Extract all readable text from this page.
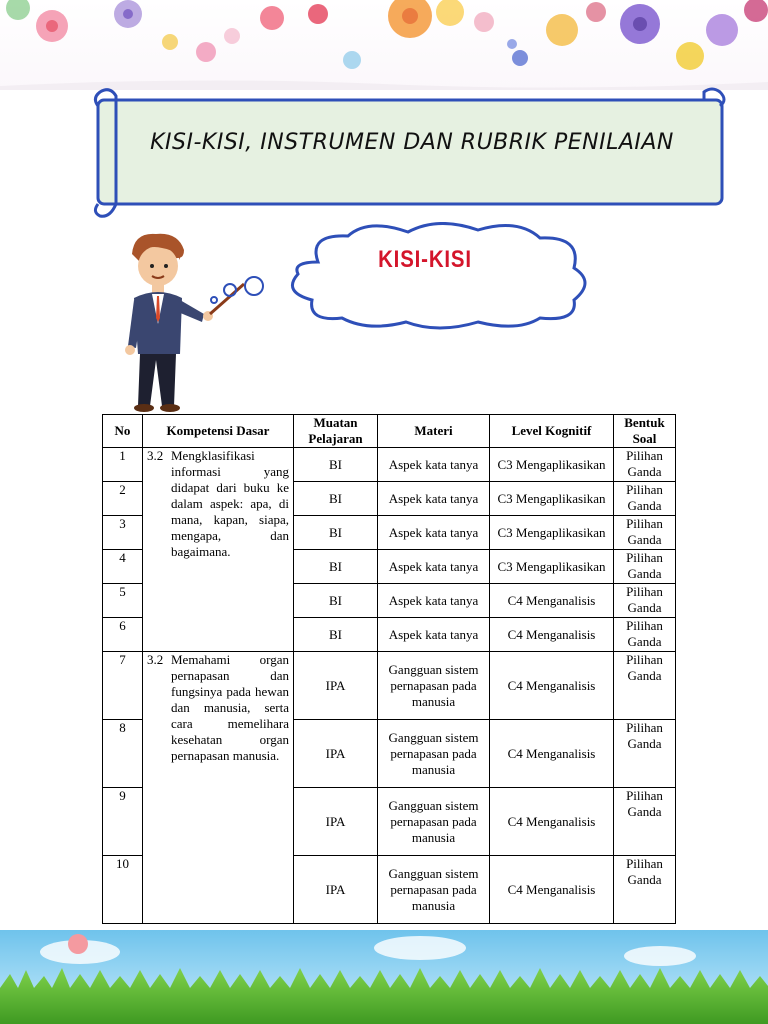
KISI-KISI, INSTRUMEN DAN RUBRIK PENILAIAN
KISI-KISI
No	Kompetensi Dasar	Muatan Pelajaran	Materi	Level Kognitif	Bentuk Soal
1	3.2 Mengklasifikasi informasi yang didapat dari buku ke dalam aspek: apa, di mana, kapan, siapa, mengapa, dan bagaimana.	BI	Aspek kata tanya	C3 Mengaplikasikan	Pilihan Ganda
2		BI	Aspek kata tanya	C3 Mengaplikasikan	Pilihan Ganda
3		BI	Aspek kata tanya	C3 Mengaplikasikan	Pilihan Ganda
4		BI	Aspek kata tanya	C3 Mengaplikasikan	Pilihan Ganda
5		BI	Aspek kata tanya	C4 Menganalisis	Pilihan Ganda
6		BI	Aspek kata tanya	C4 Menganalisis	Pilihan Ganda
7	3.2 Memahami organ pernapasan dan fungsinya pada hewan dan manusia, serta cara memelihara kesehatan organ pernapasan manusia.	IPA	Gangguan sistem pernapasan pada manusia	C4 Menganalisis	Pilihan Ganda
8		IPA	Gangguan sistem pernapasan pada manusia	C4 Menganalisis	Pilihan Ganda
9		IPA	Gangguan sistem pernapasan pada manusia	C4 Menganalisis	Pilihan Ganda
10		IPA	Gangguan sistem pernapasan pada manusia	C4 Menganalisis	Pilihan Ganda
